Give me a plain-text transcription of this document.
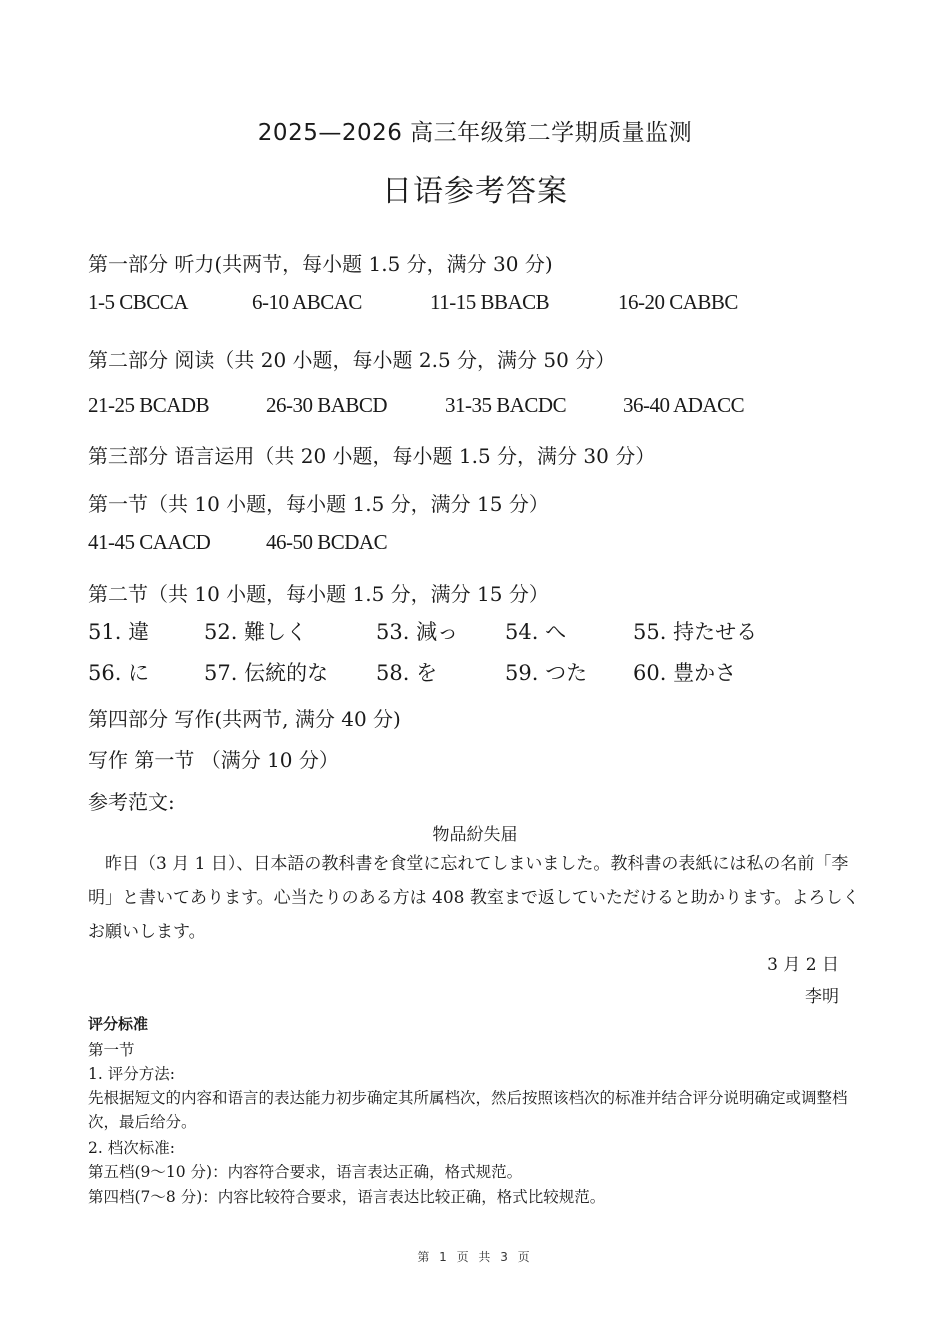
2025—2026 高三年级第二学期质量监测
日语参考答案
第一部分 听力(共两节，每小题 1.5 分，满分 30 分)
1-5 CBCCA	6-10 ABCAC	11-15 BBACB	16-20 CABBC
第二部分 阅读（共 20 小题，每小题 2.5 分，满分 50 分）
21-25 BCADB	26-30 BABCD	31-35 BACDC	36-40 ADACC
第三部分 语言运用（共 20 小题，每小题 1.5 分，满分 30 分）
第一节（共 10 小题，每小题 1.5 分，满分 15 分）
41-45 CAACD	46-50 BCDAC
第二节（共 10 小题，每小题 1.5 分，满分 15 分）
51. 違	52. 難しく	53. 減っ 54. へ	55. 持たせる
56. に	57. 伝統的な 58. を	59. つた 60. 豊かさ
第四部分 写作(共两节, 满分 40 分)
写作 第一节 （满分 10 分）
参考范文:
物品紛失届

昨日（3 月 1 日）、日本語の教科書を食堂に忘れてしまいました。教科書の表紙には私の名前「李明」と書いてあります。心当たりのある方は 408 教室まで返していただけると助かります。よろしくお願いします。

3 月 2 日
李明
评分标准
第一节
1. 评分方法:
先根据短文的内容和语言的表达能力初步确定其所属档次，然后按照该档次的标准并结合评分说明确定或调整档次，最后给分。
2. 档次标准:
第五档(9～10 分)：内容符合要求，语言表达正确，格式规范。
第四档(7～8 分)：内容比较符合要求，语言表达比较正确，格式比较规范。
第 1 页 共 3 页
